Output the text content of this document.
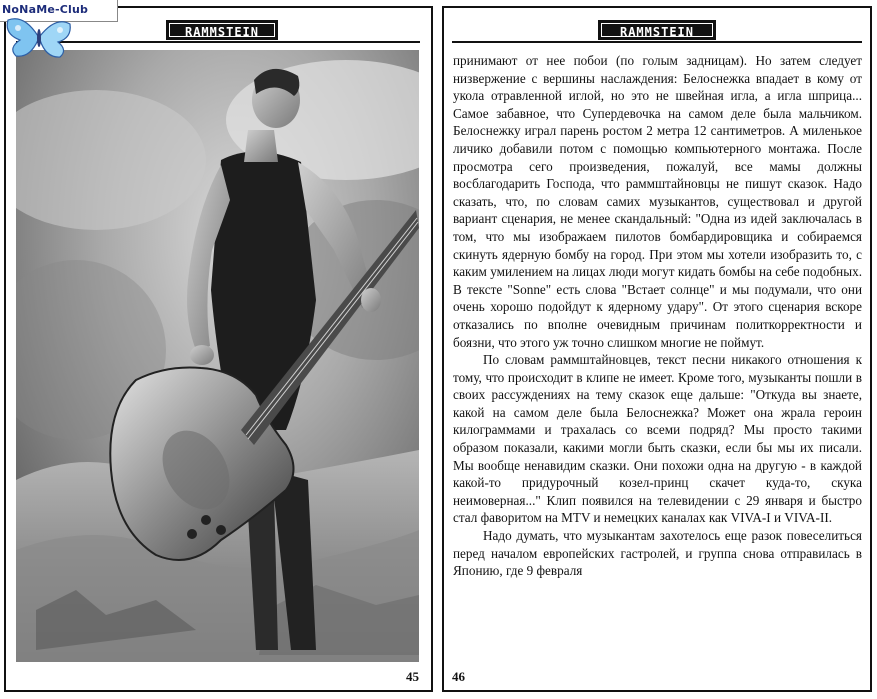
RAMMSTEIN
45
RAMMSTEIN

принимают от нее побои (по голым задницам). Но затем следует низвержение с вершины наслаждения: Белоснежка впадает в кому от укола отравленной иглой, но это не швейная игла, а игла шприца... Самое забавное, что Супердевочка на самом деле была мальчиком. Белоснежку играл парень ростом 2 метра 12 сантиметров. А миленькое личико добавили потом с помощью компьютерного монтажа. После просмотра сего произведения, пожалуй, все мамы должны восблагодарить Господа, что раммштайновцы не пишут сказок. Надо сказать, что, по словам самих музыкантов, существовал и другой вариант сценария, не менее скандальный: "Одна из идей заключалась в том, что мы изображаем пилотов бомбардировщика и собираемся скинуть ядерную бомбу на город. При этом мы хотели изобразить то, с каким умилением на лицах люди могут кидать бомбы на себе подобных. В тексте "Sonne" есть слова "Встает солнце" и мы подумали, что они очень хорошо подойдут к ядерному удару". От этого сценария вскоре отказались по вполне очевидным причинам политкорректности и боязни, что этого уж точно слишком многие не поймут.

По словам раммштайновцев, текст песни никакого отношения к тому, что происходит в клипе не имеет. Кроме того, музыканты пошли в своих рассуждениях на тему сказок еще дальше: "Откуда вы знаете, какой на самом деле была Белоснежка? Может она жрала героин килограммами и трахалась со всеми подряд? Мы просто такими образом показали, какими могли быть сказки, если бы мы их писали. Мы вообще ненавидим сказки. Они похожи одна на другую - в каждой какой-то придурочный козел-принц скачет куда-то, скука неимоверная..." Клип появился на телевидении с 29 января и быстро стал фаворитом на MTV и немецких каналах как VIVA-I и VIVA-II.

Надо думать, что музыкантам захотелось еще разок повеселиться перед началом европейских гастролей, и группа снова отправилась в Японию, где 9 февраля

46
NoNaMe-Club
